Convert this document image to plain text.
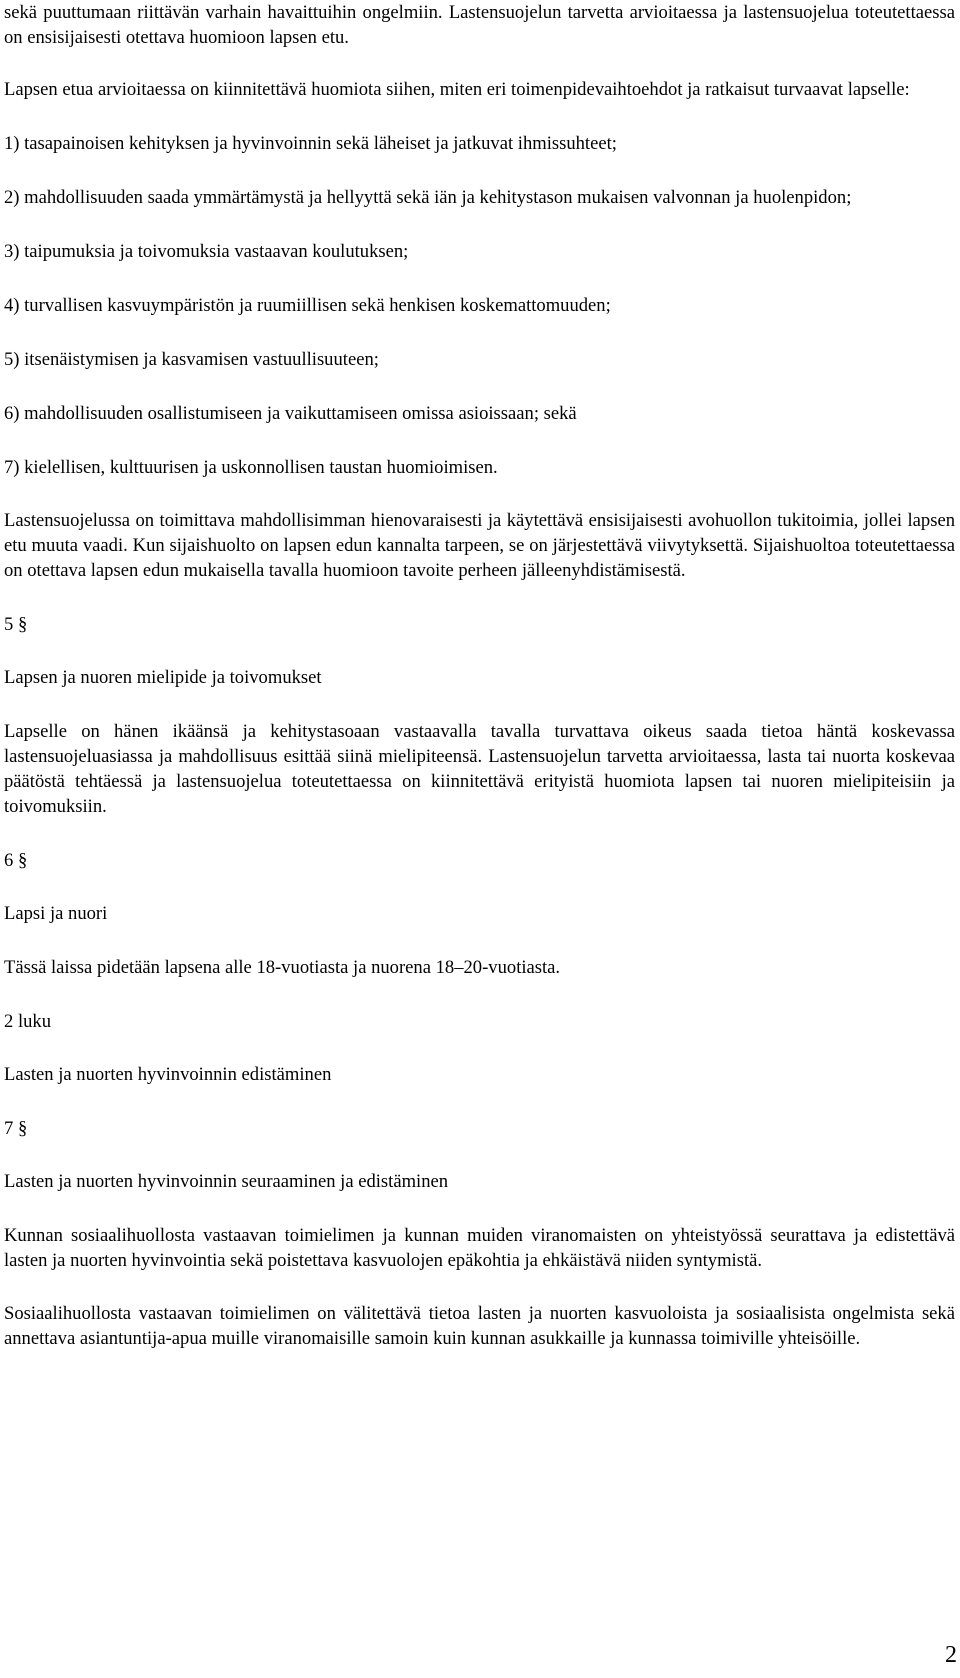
sekä puuttumaan riittävän varhain havaittuihin ongelmiin. Lastensuojelun tarvetta arvioitaessa ja lastensuojelua toteutettaessa on ensisijaisesti otettava huomioon lapsen etu.

Lapsen etua arvioitaessa on kiinnitettävä huomiota siihen, miten eri toimenpidevaihtoehdot ja ratkaisut turvaavat lapselle:

1) tasapainoisen kehityksen ja hyvinvoinnin sekä läheiset ja jatkuvat ihmissuhteet;

2) mahdollisuuden saada ymmärtämystä ja hellyyttä sekä iän ja kehitystason mukaisen valvonnan ja huolenpidon;

3) taipumuksia ja toivomuksia vastaavan koulutuksen;

4) turvallisen kasvuympäristön ja ruumiillisen sekä henkisen koskemattomuuden;

5) itsenäistymisen ja kasvamisen vastuullisuuteen;

6) mahdollisuuden osallistumiseen ja vaikuttamiseen omissa asioissaan; sekä

7) kielellisen, kulttuurisen ja uskonnollisen taustan huomioimisen.

Lastensuojelussa on toimittava mahdollisimman hienovaraisesti ja käytettävä ensisijaisesti avohuollon tukitoimia, jollei lapsen etu muuta vaadi. Kun sijaishuolto on lapsen edun kannalta tarpeen, se on järjestettävä viivytyksettä. Sijaishuoltoa toteutettaessa on otettava lapsen edun mukaisella tavalla huomioon tavoite perheen jälleenyhdistämisestä.

5 §

Lapsen ja nuoren mielipide ja toivomukset

Lapselle on hänen ikäänsä ja kehitystasoaan vastaavalla tavalla turvattava oikeus saada tietoa häntä koskevassa lastensuojeluasiassa ja mahdollisuus esittää siinä mielipiteensä. Lastensuojelun tarvetta arvioitaessa, lasta tai nuorta koskevaa päätöstä tehtäessä ja lastensuojelua toteutettaessa on kiinnitettävä erityistä huomiota lapsen tai nuoren mielipiteisiin ja toivomuksiin.

6 §

Lapsi ja nuori

Tässä laissa pidetään lapsena alle 18-vuotiasta ja nuorena 18–20-vuotiasta.

2 luku

Lasten ja nuorten hyvinvoinnin edistäminen

7 §

Lasten ja nuorten hyvinvoinnin seuraaminen ja edistäminen

Kunnan sosiaalihuollosta vastaavan toimielimen ja kunnan muiden viranomaisten on yhteistyössä seurattava ja edistettävä lasten ja nuorten hyvinvointia sekä poistettava kasvuolojen epäkohtia ja ehkäistävä niiden syntymistä.

Sosiaalihuollosta vastaavan toimielimen on välitettävä tietoa lasten ja nuorten kasvuoloista ja sosiaalisista ongelmista sekä annettava asiantuntija-apua muille viranomaisille samoin kuin kunnan asukkaille ja kunnassa toimiville yhteisöille.

2
